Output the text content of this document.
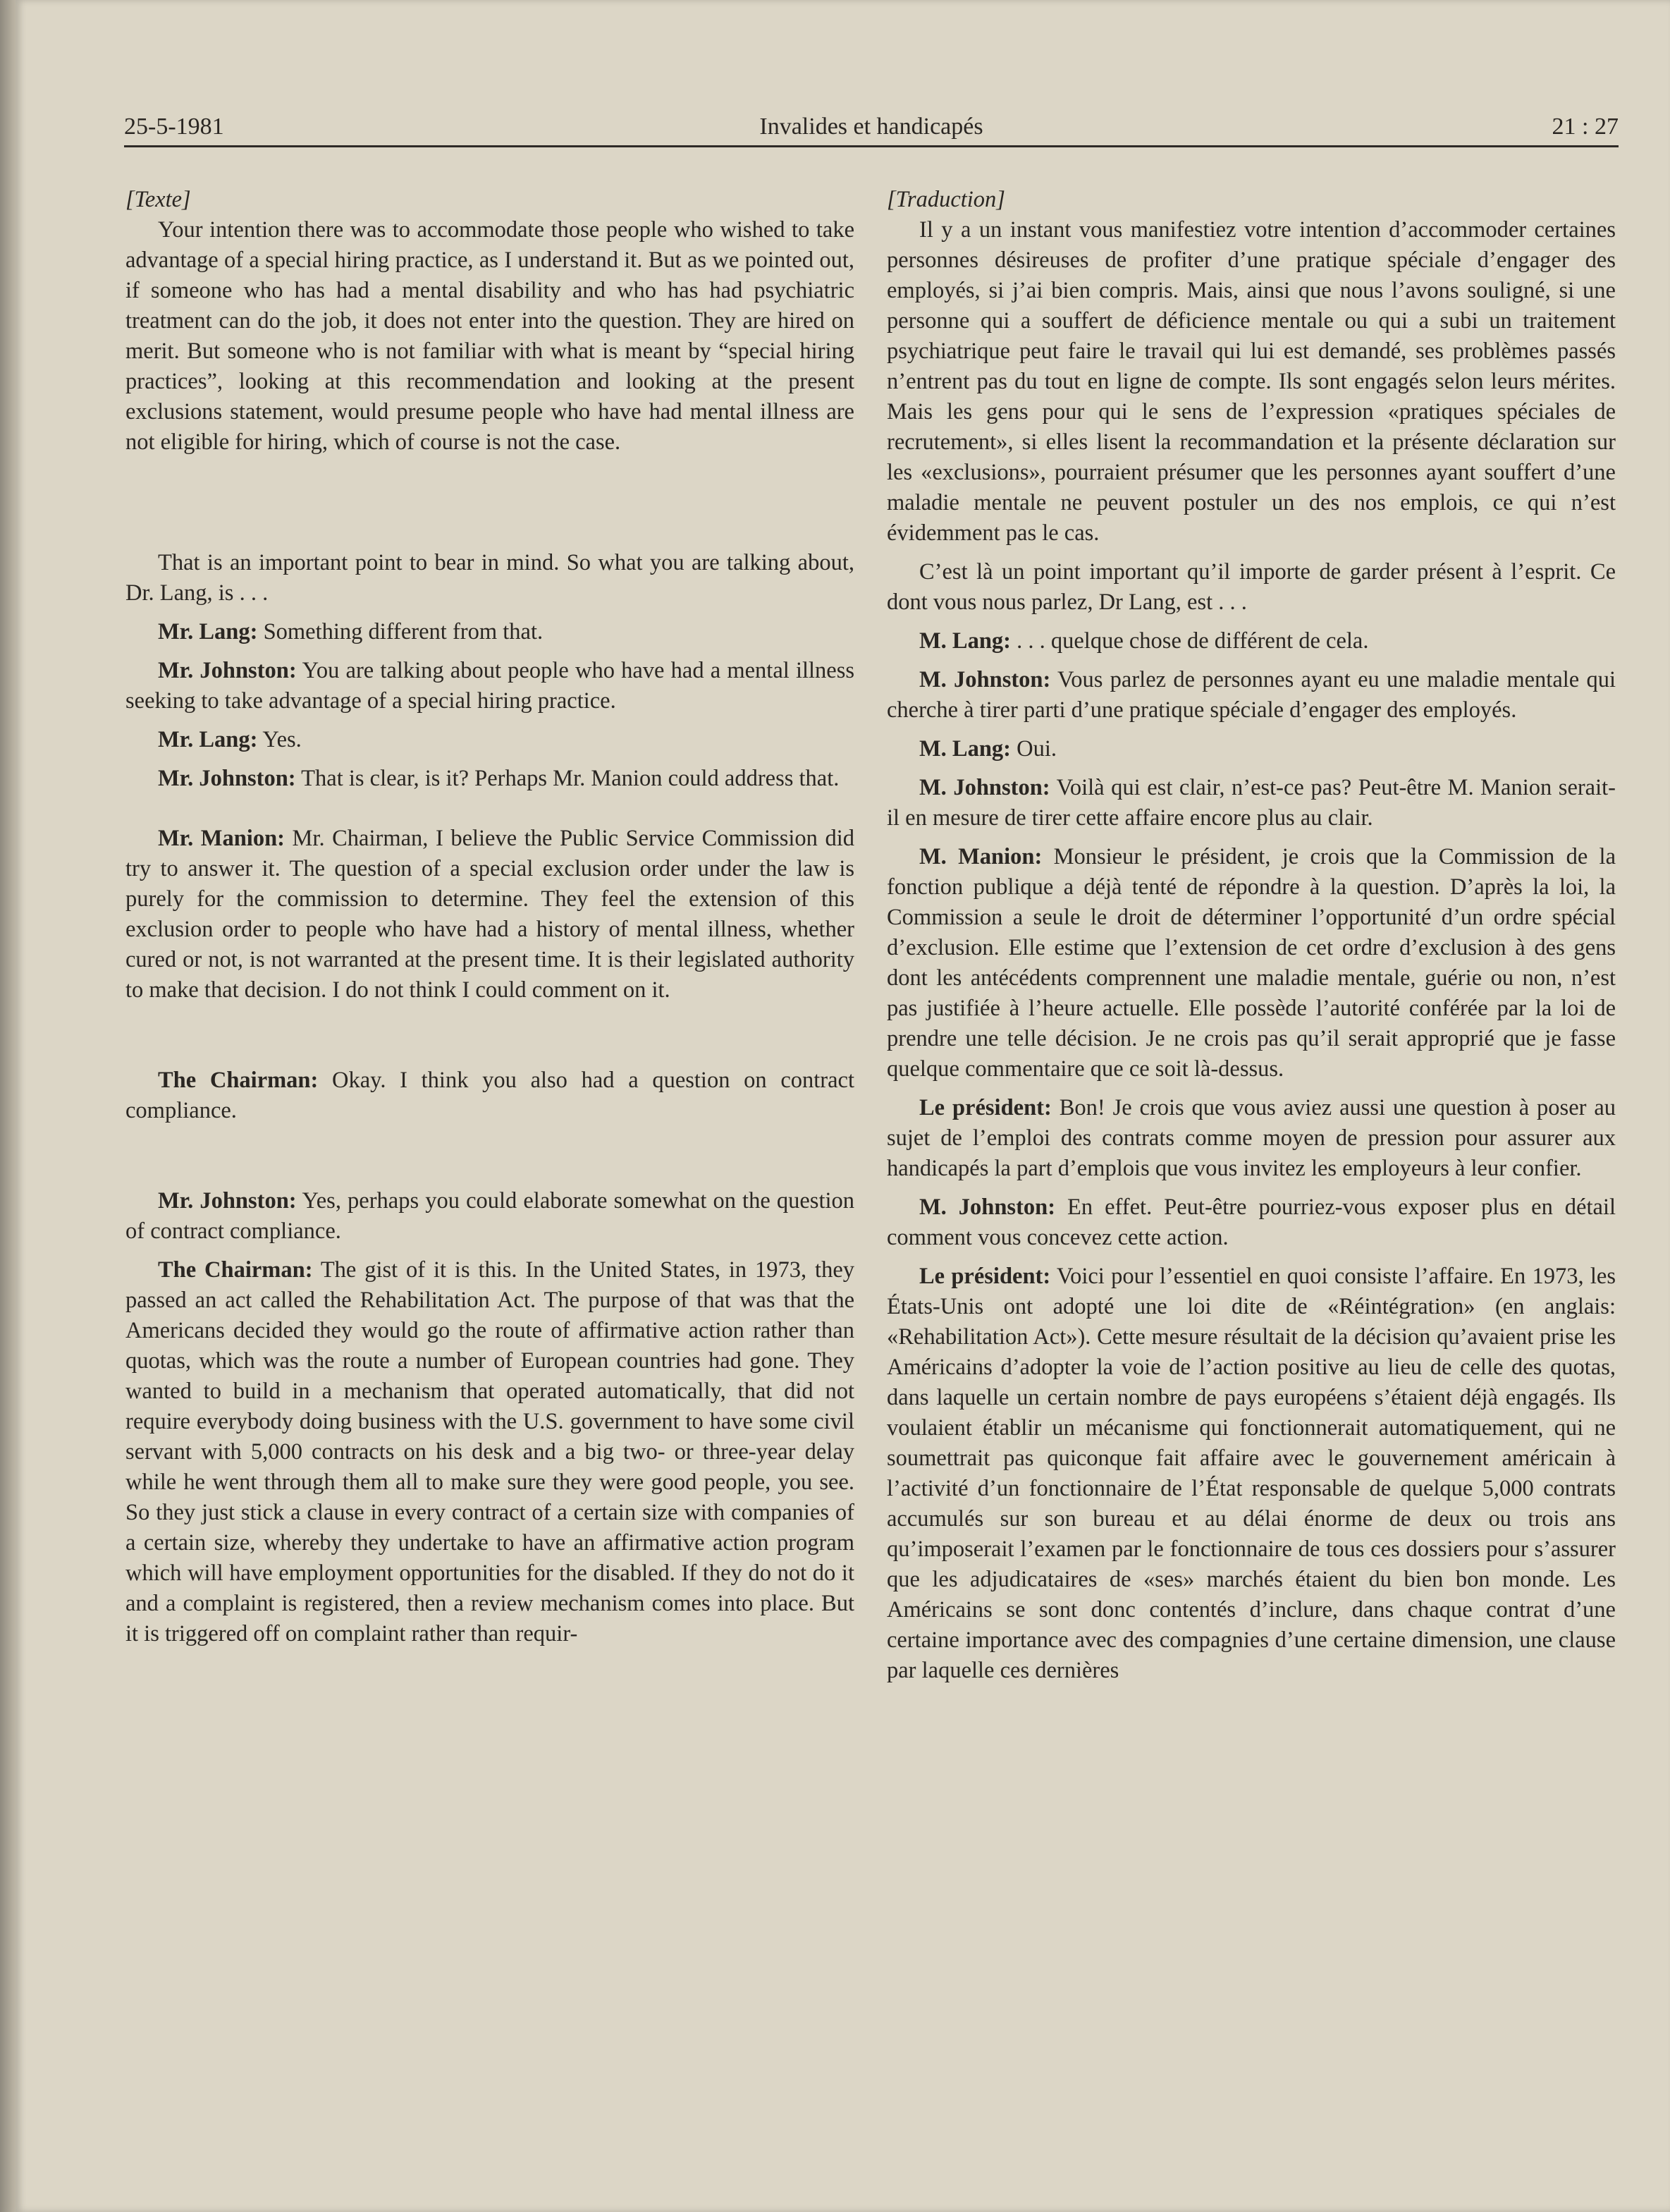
25-5-1981	Invalides et handicapés	21 : 27

[Texte]

Your intention there was to accommodate those people who wished to take advantage of a special hiring practice, as I understand it. But as we pointed out, if someone who has had a mental disability and who has had psychiatric treatment can do the job, it does not enter into the question. They are hired on merit. But someone who is not familiar with what is meant by “special hiring practices”, looking at this recommendation and looking at the present exclusions statement, would presume people who have had mental illness are not eligible for hiring, which of course is not the case.

That is an important point to bear in mind. So what you are talking about, Dr. Lang, is . . .

Mr. Lang: Something different from that.

Mr. Johnston: You are talking about people who have had a mental illness seeking to take advantage of a special hiring practice.

Mr. Lang: Yes.

Mr. Johnston: That is clear, is it? Perhaps Mr. Manion could address that.

Mr. Manion: Mr. Chairman, I believe the Public Service Commission did try to answer it. The question of a special exclusion order under the law is purely for the commission to determine. They feel the extension of this exclusion order to people who have had a history of mental illness, whether cured or not, is not warranted at the present time. It is their legislated authority to make that decision. I do not think I could comment on it.

The Chairman: Okay. I think you also had a question on contract compliance.

Mr. Johnston: Yes, perhaps you could elaborate somewhat on the question of contract compliance.

The Chairman: The gist of it is this. In the United States, in 1973, they passed an act called the Rehabilitation Act. The purpose of that was that the Americans decided they would go the route of affirmative action rather than quotas, which was the route a number of European countries had gone. They wanted to build in a mechanism that operated automatically, that did not require everybody doing business with the U.S. government to have some civil servant with 5,000 contracts on his desk and a big two- or three-year delay while he went through them all to make sure they were good people, you see. So they just stick a clause in every contract of a certain size with companies of a certain size, whereby they undertake to have an affirmative action program which will have employment opportunities for the disabled. If they do not do it and a complaint is registered, then a review mechanism comes into place. But it is triggered off on complaint rather than requir-

[Traduction]

Il y a un instant vous manifestiez votre intention d’accommoder certaines personnes désireuses de profiter d’une pratique spéciale d’engager des employés, si j’ai bien compris. Mais, ainsi que nous l’avons souligné, si une personne qui a souffert de déficience mentale ou qui a subi un traitement psychiatrique peut faire le travail qui lui est demandé, ses problèmes passés n’entrent pas du tout en ligne de compte. Ils sont engagés selon leurs mérites. Mais les gens pour qui le sens de l’expression «pratiques spéciales de recrutement», si elles lisent la recommandation et la présente déclaration sur les «exclusions», pourraient présumer que les personnes ayant souffert d’une maladie mentale ne peuvent postuler un des nos emplois, ce qui n’est évidemment pas le cas.

C’est là un point important qu’il importe de garder présent à l’esprit. Ce dont vous nous parlez, Dr Lang, est . . .

M. Lang: . . . quelque chose de différent de cela.

M. Johnston: Vous parlez de personnes ayant eu une maladie mentale qui cherche à tirer parti d’une pratique spéciale d’engager des employés.

M. Lang: Oui.

M. Johnston: Voilà qui est clair, n’est-ce pas? Peut-être M. Manion serait-il en mesure de tirer cette affaire encore plus au clair.

M. Manion: Monsieur le président, je crois que la Commission de la fonction publique a déjà tenté de répondre à la question. D’après la loi, la Commission a seule le droit de déterminer l’opportunité d’un ordre spécial d’exclusion. Elle estime que l’extension de cet ordre d’exclusion à des gens dont les antécédents comprennent une maladie mentale, guérie ou non, n’est pas justifiée à l’heure actuelle. Elle possède l’autorité conférée par la loi de prendre une telle décision. Je ne crois pas qu’il serait approprié que je fasse quelque commentaire que ce soit là-dessus.

Le président: Bon! Je crois que vous aviez aussi une question à poser au sujet de l’emploi des contrats comme moyen de pression pour assurer aux handicapés la part d’emplois que vous invitez les employeurs à leur confier.

M. Johnston: En effet. Peut-être pourriez-vous exposer plus en détail comment vous concevez cette action.

Le président: Voici pour l’essentiel en quoi consiste l’affaire. En 1973, les États-Unis ont adopté une loi dite de «Réintégration» (en anglais: «Rehabilitation Act»). Cette mesure résultait de la décision qu’avaient prise les Américains d’adopter la voie de l’action positive au lieu de celle des quotas, dans laquelle un certain nombre de pays européens s’étaient déjà engagés. Ils voulaient établir un mécanisme qui fonctionnerait automatiquement, qui ne soumettrait pas quiconque fait affaire avec le gouvernement américain à l’activité d’un fonctionnaire de l’État responsable de quelque 5,000 contrats accumulés sur son bureau et au délai énorme de deux ou trois ans qu’imposerait l’examen par le fonctionnaire de tous ces dossiers pour s’assurer que les adjudicataires de «ses» marchés étaient du bien bon monde. Les Américains se sont donc contentés d’inclure, dans chaque contrat d’une certaine importance avec des compagnies d’une certaine dimension, une clause par laquelle ces dernières
